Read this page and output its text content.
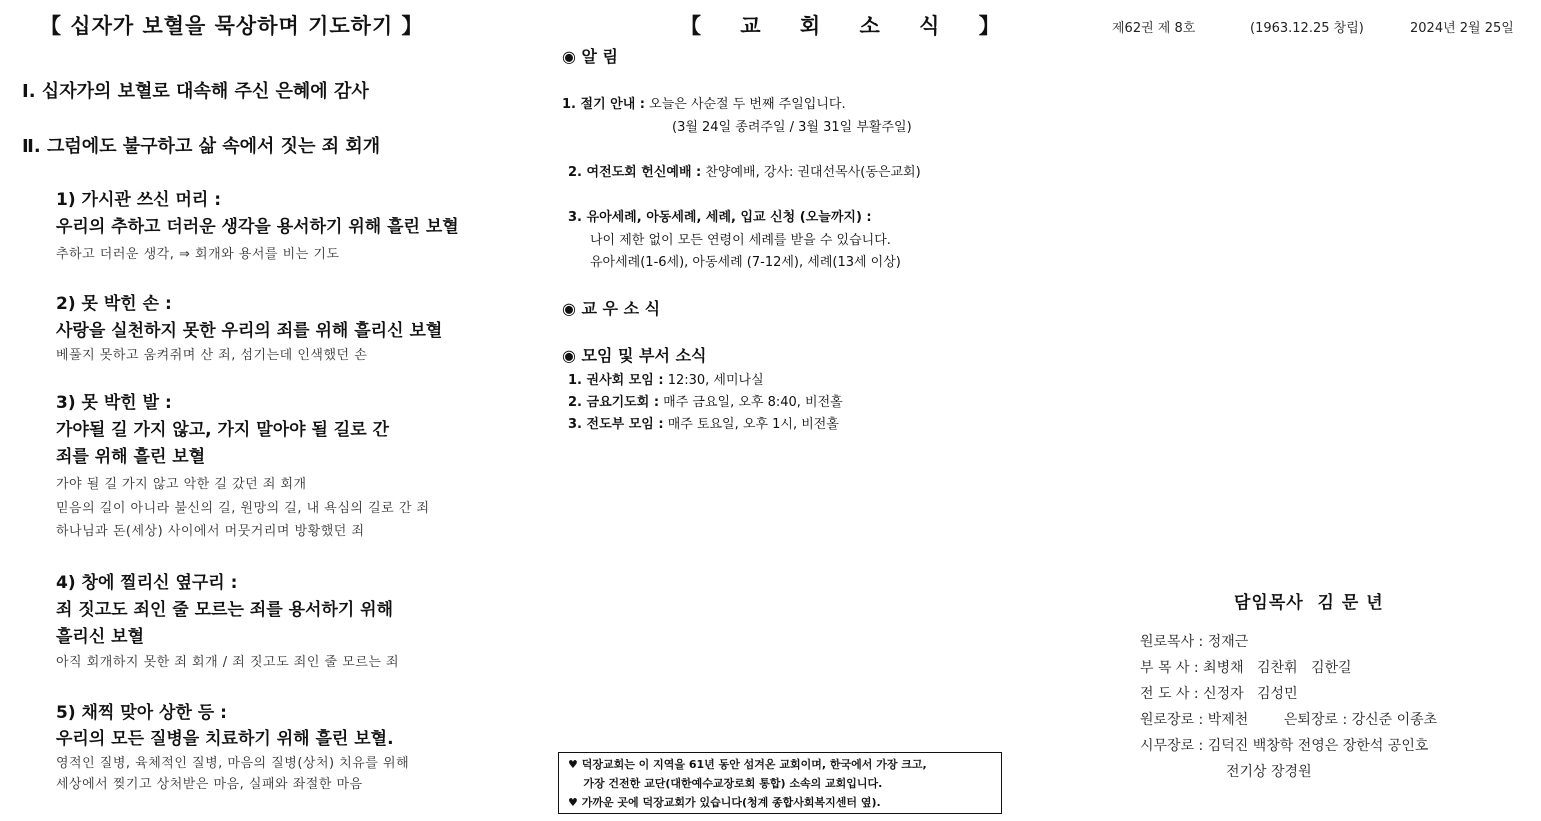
【 십자가 보혈을 묵상하며 기도하기 】
Ⅰ. 십자가의 보혈로 대속해 주신 은혜에 감사
Ⅱ. 그럼에도 불구하고 삶 속에서 짓는 죄 회개
1) 가시관 쓰신 머리 :
우리의 추하고 더러운 생각을 용서하기 위해 흘린 보혈
추하고 더러운 생각, ⇒ 회개와 용서를 비는 기도
2) 못 박힌 손 :
사랑을 실천하지 못한 우리의 죄를 위해 흘리신 보혈
베풀지 못하고 움켜쥐며 산 죄, 섬기는데 인색했던 손
3) 못 박힌 발 :
가야될 길 가지 않고, 가지 말아야 될 길로 간
죄를 위해 흘린 보혈
가야 될 길 가지 않고 악한 길 갔던 죄 회개
믿음의 길이 아니라 불신의 길, 원망의 길, 내 욕심의 길로 간 죄
하나님과 돈(세상) 사이에서 머뭇거리며 방황했던 죄
4) 창에 찔리신 옆구리 :
죄 짓고도 죄인 줄 모르는 죄를 용서하기 위해
흘리신 보혈
아직 회개하지 못한 죄 회개 / 죄 짓고도 죄인 줄 모르는 죄
5) 채찍 맞아 상한 등 :
우리의 모든 질병을 치료하기 위해 흘린 보혈.
영적인 질병, 육체적인 질병, 마음의 질병(상처) 치유를 위해
세상에서 찢기고 상처받은 마음, 실패와 좌절한 마음
【 교 회 소 식 】
◉ 알 림
1. 절기 안내 : 오늘은 사순절 두 번째 주일입니다.
(3월 24일 종려주일 / 3월 31일 부활주일)
2. 여전도회 헌신예배 : 찬양예배, 강사: 권대선목사(동은교회)
3. 유아세례, 아동세례, 세례, 입교 신청 (오늘까지) :
나이 제한 없이 모든 연령이 세례를 받을 수 있습니다.
유아세례(1-6세), 아동세례 (7-12세), 세례(13세 이상)
◉ 교 우 소 식
◉ 모임 및 부서 소식
1. 권사회 모임 : 12:30, 세미나실
2. 금요기도회 : 매주 금요일, 오후 8:40, 비전홀
3. 전도부 모임 : 매주 토요일, 오후 1시, 비전홀
♥ 덕장교회는 이 지역을 61년 동안 섬겨온 교회이며, 한국에서 가장 크고,
가장 건전한 교단(대한예수교장로회 통합) 소속의 교회입니다.
♥ 가까운 곳에 덕장교회가 있습니다(청계 종합사회복지센터 옆).
제62권 제 8호	(1963.12.25 창립)	2024년 2월 25일
담임목사  김 문 년
원로목사 : 정재근
부 목 사 : 최병채   김찬휘   김한길
전 도 사 : 신정자   김성민
원로장로 : 박제천        은퇴장로 : 강신준 이종초
시무장로 : 김덕진 백창학 전영은 장한석 공인호
전기상 장경원
